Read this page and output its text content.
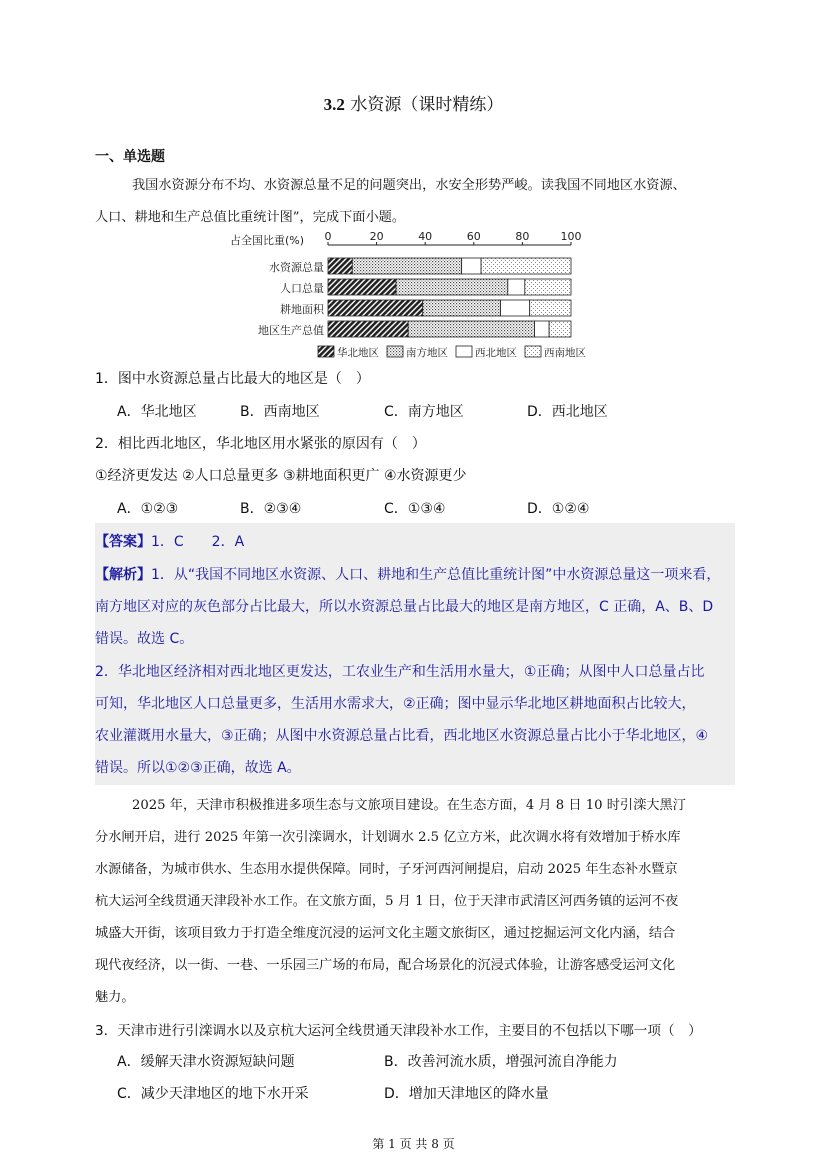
3.2 水资源（课时精练）
一、单选题
我国水资源分布不均、水资源总量不足的问题突出，水安全形势严峻。读我国不同地区水资源、
人口、耕地和生产总值比重统计图”，完成下面小题。
占全国比重(%) 0	20	40	60	80	100
水资源总量
人口总量
耕地面积
地区生产总值
华北地区	南方地区	西北地区	西南地区
1．图中水资源总量占比最大的地区是（　）
A．华北地区	B．西南地区	C．南方地区	D．西北地区
2．相比西北地区，华北地区用水紧张的原因有（　）
①经济更发达 ②人口总量更多 ③耕地面积更广 ④水资源更少
A．①②③	B．②③④	C．①③④	D．①②④
【答案】1．C　　2．A
【解析】1．从“我国不同地区水资源、人口、耕地和生产总值比重统计图”中水资源总量这一项来看，
南方地区对应的灰色部分占比最大，所以水资源总量占比最大的地区是南方地区，C 正确，A、B、D
错误。故选 C。
2．华北地区经济相对西北地区更发达，工农业生产和生活用水量大，①正确；从图中人口总量占比
可知，华北地区人口总量更多，生活用水需求大，②正确；图中显示华北地区耕地面积占比较大，
农业灌溉用水量大，③正确；从图中水资源总量占比看，西北地区水资源总量占比小于华北地区，④
错误。所以①②③正确，故选 A。
2025 年，天津市积极推进多项生态与文旅项目建设。在生态方面，4 月 8 日 10 时引滦大黑汀
分水闸开启，进行 2025 年第一次引滦调水，计划调水 2.5 亿立方米，此次调水将有效增加于桥水库
水源储备，为城市供水、生态用水提供保障。同时，子牙河西河闸提启，启动 2025 年生态补水暨京
杭大运河全线贯通天津段补水工作。在文旅方面，5 月 1 日，位于天津市武清区河西务镇的运河不夜
城盛大开街，该项目致力于打造全维度沉浸的运河文化主题文旅街区，通过挖掘运河文化内涵，结合
现代夜经济，以一街、一巷、一乐园三广场的布局，配合场景化的沉浸式体验，让游客感受运河文化
魅力。
3．天津市进行引滦调水以及京杭大运河全线贯通天津段补水工作，主要目的不包括以下哪一项（　）
A．缓解天津水资源短缺问题	B．改善河流水质，增强河流自净能力
C．减少天津地区的地下水开采	D．增加天津地区的降水量
第 1 页 共 8 页
